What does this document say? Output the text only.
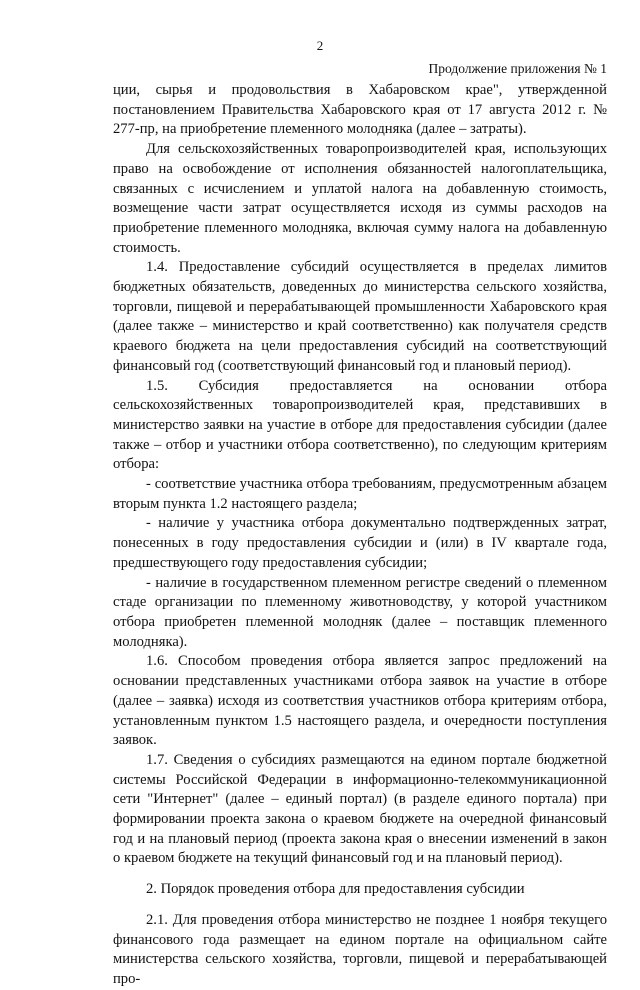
2
Продолжение приложения № 1

ции, сырья и продовольствия в Хабаровском крае", утвержденной постановлением Правительства Хабаровского края от 17 августа 2012 г. № 277-пр, на приобретение племенного молодняка (далее – затраты).

Для сельскохозяйственных товаропроизводителей края, использующих право на освобождение от исполнения обязанностей налогоплательщика, связанных с исчислением и уплатой налога на добавленную стоимость, возмещение части затрат осуществляется исходя из суммы расходов на приобретение племенного молодняка, включая сумму налога на добавленную стоимость.

1.4. Предоставление субсидий осуществляется в пределах лимитов бюджетных обязательств, доведенных до министерства сельского хозяйства, торговли, пищевой и перерабатывающей промышленности Хабаровского края (далее также – министерство и край соответственно) как получателя средств краевого бюджета на цели предоставления субсидий на соответствующий финансовый год (соответствующий финансовый год и плановый период).

1.5. Субсидия предоставляется на основании отбора сельскохозяйственных товаропроизводителей края, представивших в министерство заявки на участие в отборе для предоставления субсидии (далее также – отбор и участники отбора соответственно), по следующим критериям отбора:

- соответствие участника отбора требованиям, предусмотренным абзацем вторым пункта 1.2 настоящего раздела;

- наличие у участника отбора документально подтвержденных затрат, понесенных в году предоставления субсидии и (или) в IV квартале года, предшествующего году предоставления субсидии;

- наличие в государственном племенном регистре сведений о племенном стаде организации по племенному животноводству, у которой участником отбора приобретен племенной молодняк (далее – поставщик племенного молодняка).

1.6. Способом проведения отбора является запрос предложений на основании представленных участниками отбора заявок на участие в отборе (далее – заявка) исходя из соответствия участников отбора критериям отбора, установленным пунктом 1.5 настоящего раздела, и очередности поступления заявок.

1.7. Сведения о субсидиях размещаются на едином портале бюджетной системы Российской Федерации в информационно-телекоммуникационной сети "Интернет" (далее – единый портал) (в разделе единого портала) при формировании проекта закона о краевом бюджете на очередной финансовый год и на плановый период (проекта закона края о внесении изменений в закон о краевом бюджете на текущий финансовый год и на плановый период).

2. Порядок проведения отбора для предоставления субсидии

2.1. Для проведения отбора министерство не позднее 1 ноября текущего финансового года размещает на едином портале на официальном сайте министерства сельского хозяйства, торговли, пищевой и перерабатывающей про-
